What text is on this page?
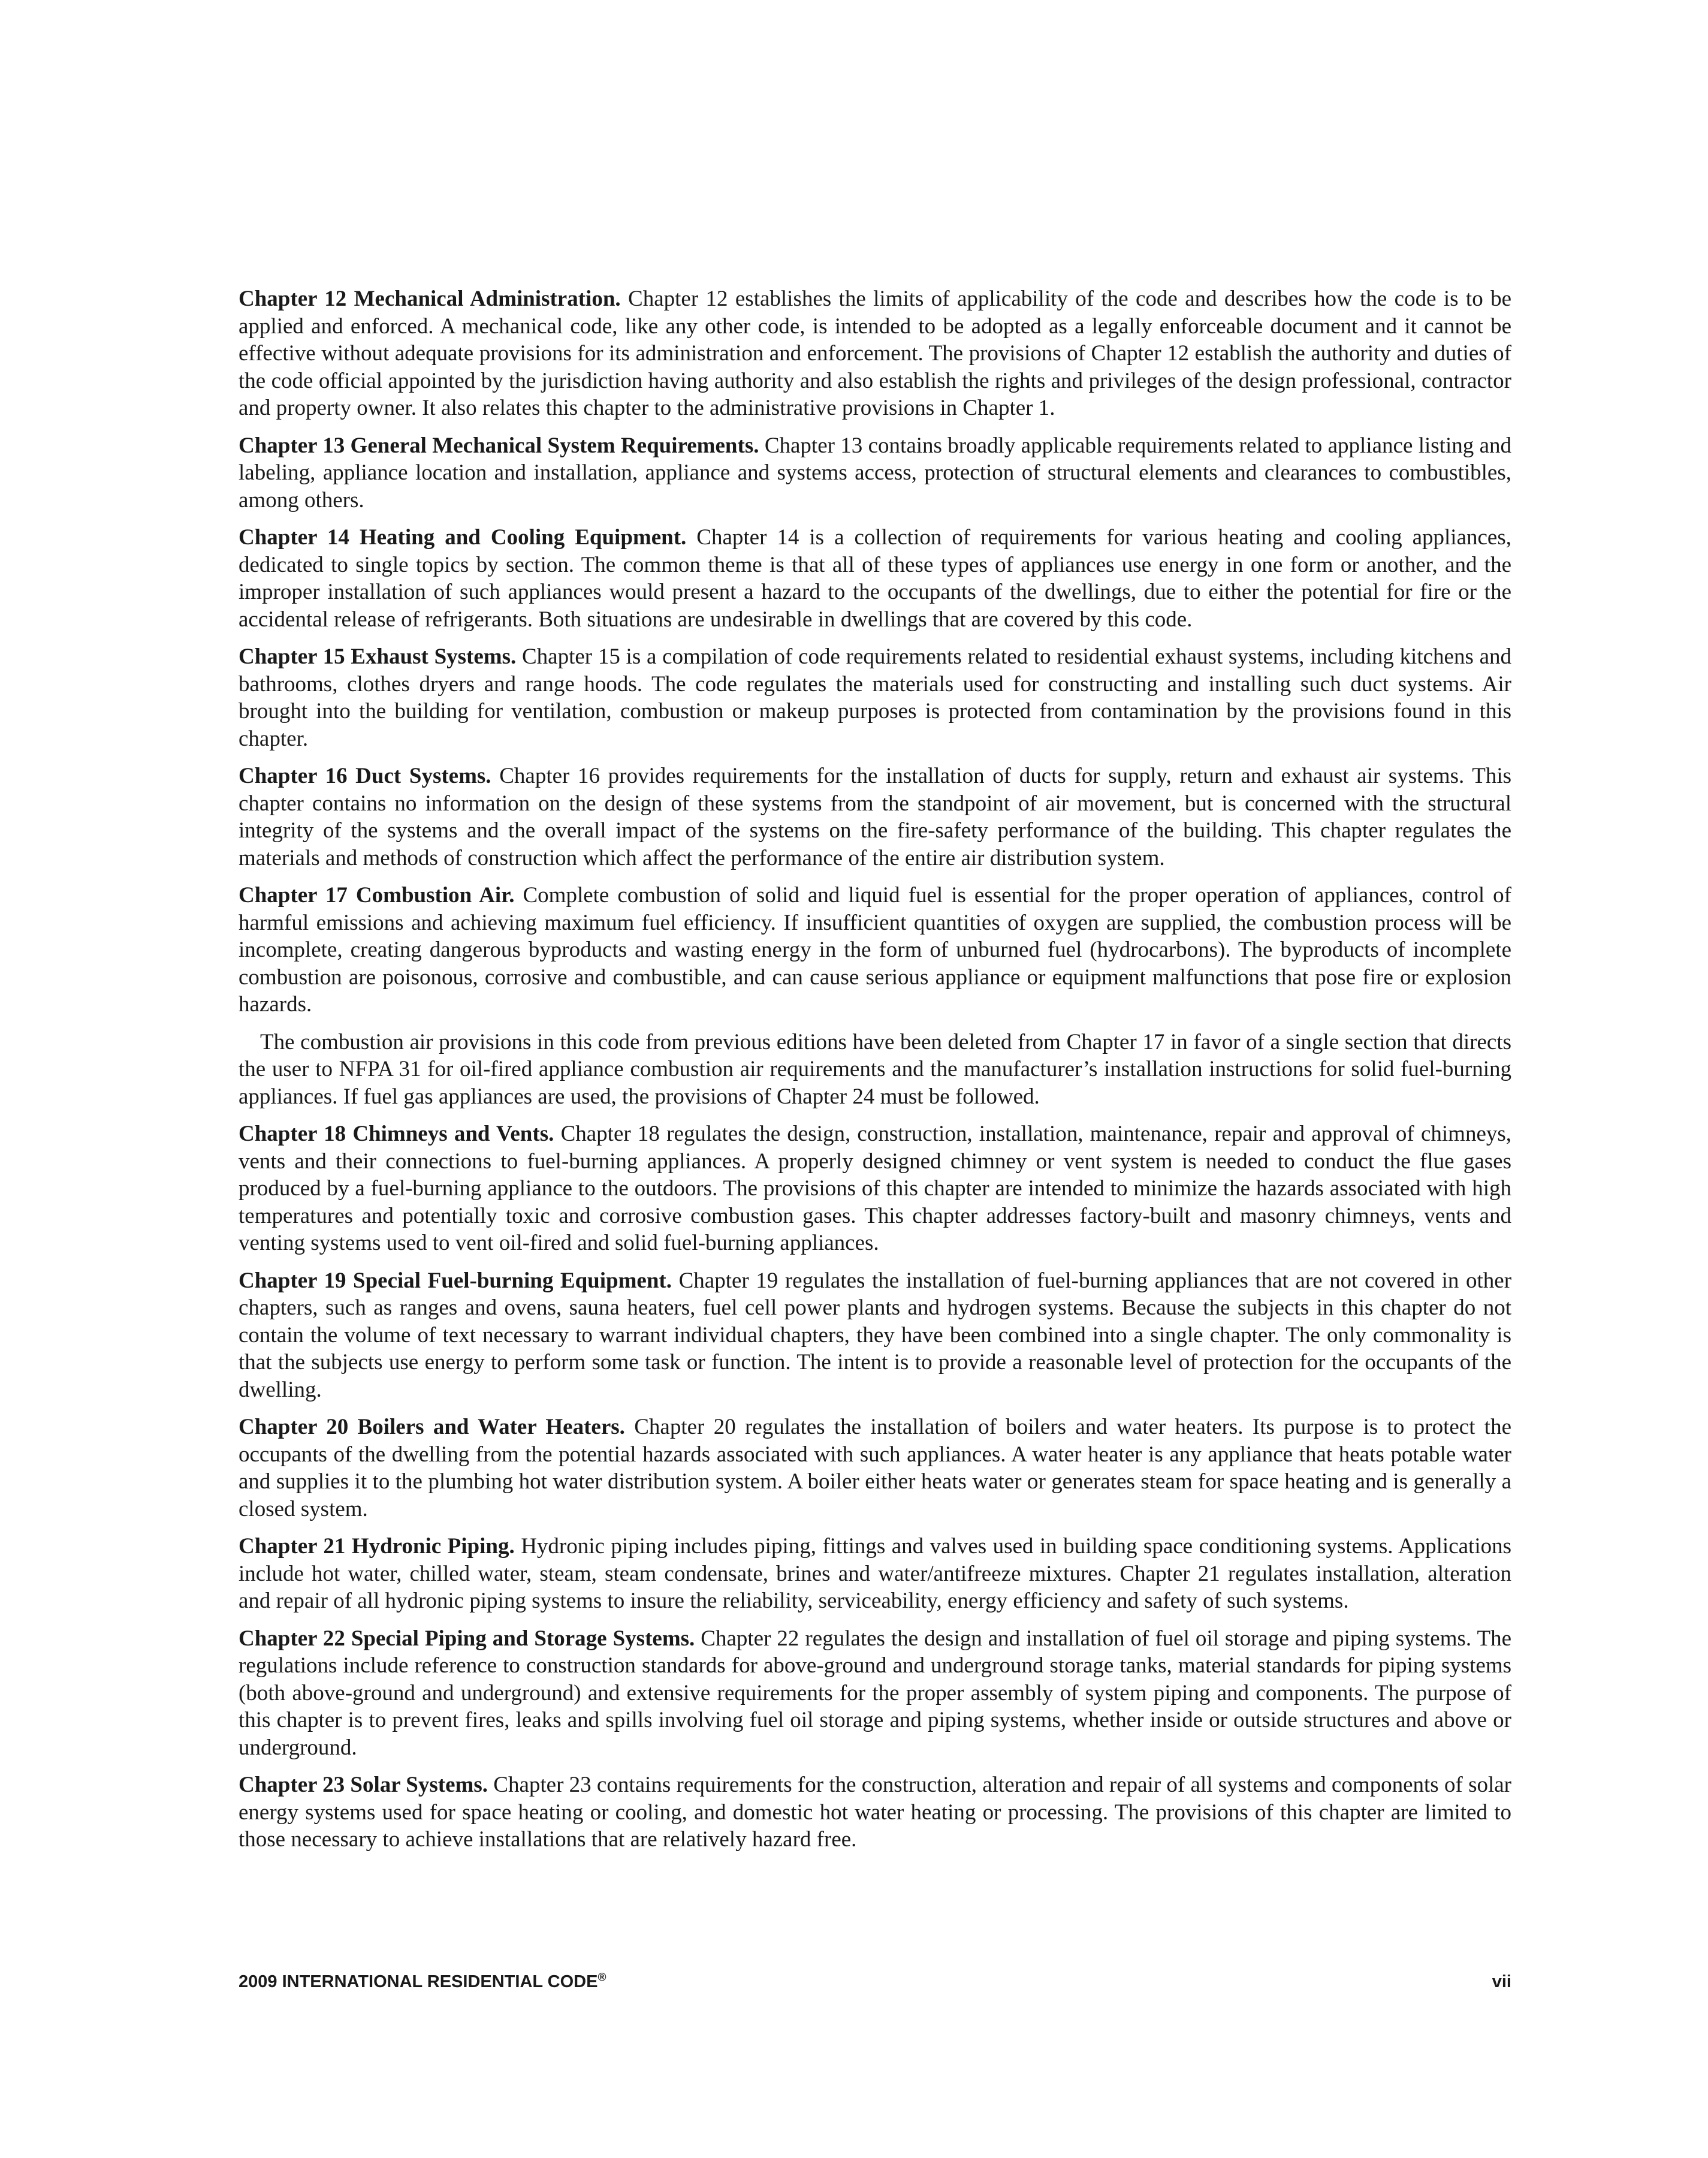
Chapter 12 Mechanical Administration. Chapter 12 establishes the limits of applicability of the code and describes how the code is to be applied and enforced. A mechanical code, like any other code, is intended to be adopted as a legally enforceable document and it cannot be effective without adequate provisions for its administration and enforcement. The provisions of Chapter 12 establish the authority and duties of the code official appointed by the jurisdiction having authority and also establish the rights and privileges of the design professional, contractor and property owner. It also relates this chapter to the administrative provisions in Chapter 1.

Chapter 13 General Mechanical System Requirements. Chapter 13 contains broadly applicable requirements related to appliance listing and labeling, appliance location and installation, appliance and systems access, protection of structural elements and clearances to combustibles, among others.

Chapter 14 Heating and Cooling Equipment. Chapter 14 is a collection of requirements for various heating and cooling appliances, dedicated to single topics by section. The common theme is that all of these types of appliances use energy in one form or another, and the improper installation of such appliances would present a hazard to the occupants of the dwellings, due to either the potential for fire or the accidental release of refrigerants. Both situations are undesirable in dwellings that are covered by this code.

Chapter 15 Exhaust Systems. Chapter 15 is a compilation of code requirements related to residential exhaust systems, including kitchens and bathrooms, clothes dryers and range hoods. The code regulates the materials used for constructing and installing such duct systems. Air brought into the building for ventilation, combustion or makeup purposes is protected from contamination by the provisions found in this chapter.

Chapter 16 Duct Systems. Chapter 16 provides requirements for the installation of ducts for supply, return and exhaust air systems. This chapter contains no information on the design of these systems from the standpoint of air movement, but is concerned with the structural integrity of the systems and the overall impact of the systems on the fire-safety performance of the building. This chapter regulates the materials and methods of construction which affect the performance of the entire air distribution system.

Chapter 17 Combustion Air. Complete combustion of solid and liquid fuel is essential for the proper operation of appliances, control of harmful emissions and achieving maximum fuel efficiency. If insufficient quantities of oxygen are supplied, the combustion process will be incomplete, creating dangerous byproducts and wasting energy in the form of unburned fuel (hydrocarbons). The byproducts of incomplete combustion are poisonous, corrosive and combustible, and can cause serious appliance or equipment malfunctions that pose fire or explosion hazards.

The combustion air provisions in this code from previous editions have been deleted from Chapter 17 in favor of a single section that directs the user to NFPA 31 for oil-fired appliance combustion air requirements and the manufacturer’s installation instructions for solid fuel-burning appliances. If fuel gas appliances are used, the provisions of Chapter 24 must be followed.

Chapter 18 Chimneys and Vents. Chapter 18 regulates the design, construction, installation, maintenance, repair and approval of chimneys, vents and their connections to fuel-burning appliances. A properly designed chimney or vent system is needed to conduct the flue gases produced by a fuel-burning appliance to the outdoors. The provisions of this chapter are intended to minimize the hazards associated with high temperatures and potentially toxic and corrosive combustion gases. This chapter addresses factory-built and masonry chimneys, vents and venting systems used to vent oil-fired and solid fuel-burning appliances.

Chapter 19 Special Fuel-burning Equipment. Chapter 19 regulates the installation of fuel-burning appliances that are not covered in other chapters, such as ranges and ovens, sauna heaters, fuel cell power plants and hydrogen systems. Because the subjects in this chapter do not contain the volume of text necessary to warrant individual chapters, they have been combined into a single chapter. The only commonality is that the subjects use energy to perform some task or function. The intent is to provide a reasonable level of protection for the occupants of the dwelling.

Chapter 20 Boilers and Water Heaters. Chapter 20 regulates the installation of boilers and water heaters. Its purpose is to protect the occupants of the dwelling from the potential hazards associated with such appliances. A water heater is any appliance that heats potable water and supplies it to the plumbing hot water distribution system. A boiler either heats water or generates steam for space heating and is generally a closed system.

Chapter 21 Hydronic Piping. Hydronic piping includes piping, fittings and valves used in building space conditioning systems. Applications include hot water, chilled water, steam, steam condensate, brines and water/antifreeze mixtures. Chapter 21 regulates installation, alteration and repair of all hydronic piping systems to insure the reliability, serviceability, energy efficiency and safety of such systems.

Chapter 22 Special Piping and Storage Systems. Chapter 22 regulates the design and installation of fuel oil storage and piping systems. The regulations include reference to construction standards for above-ground and underground storage tanks, material standards for piping systems (both above-ground and underground) and extensive requirements for the proper assembly of system piping and components. The purpose of this chapter is to prevent fires, leaks and spills involving fuel oil storage and piping systems, whether inside or outside structures and above or underground.

Chapter 23 Solar Systems. Chapter 23 contains requirements for the construction, alteration and repair of all systems and components of solar energy systems used for space heating or cooling, and domestic hot water heating or processing. The provisions of this chapter are limited to those necessary to achieve installations that are relatively hazard free.

2009 INTERNATIONAL RESIDENTIAL CODE®	vii
